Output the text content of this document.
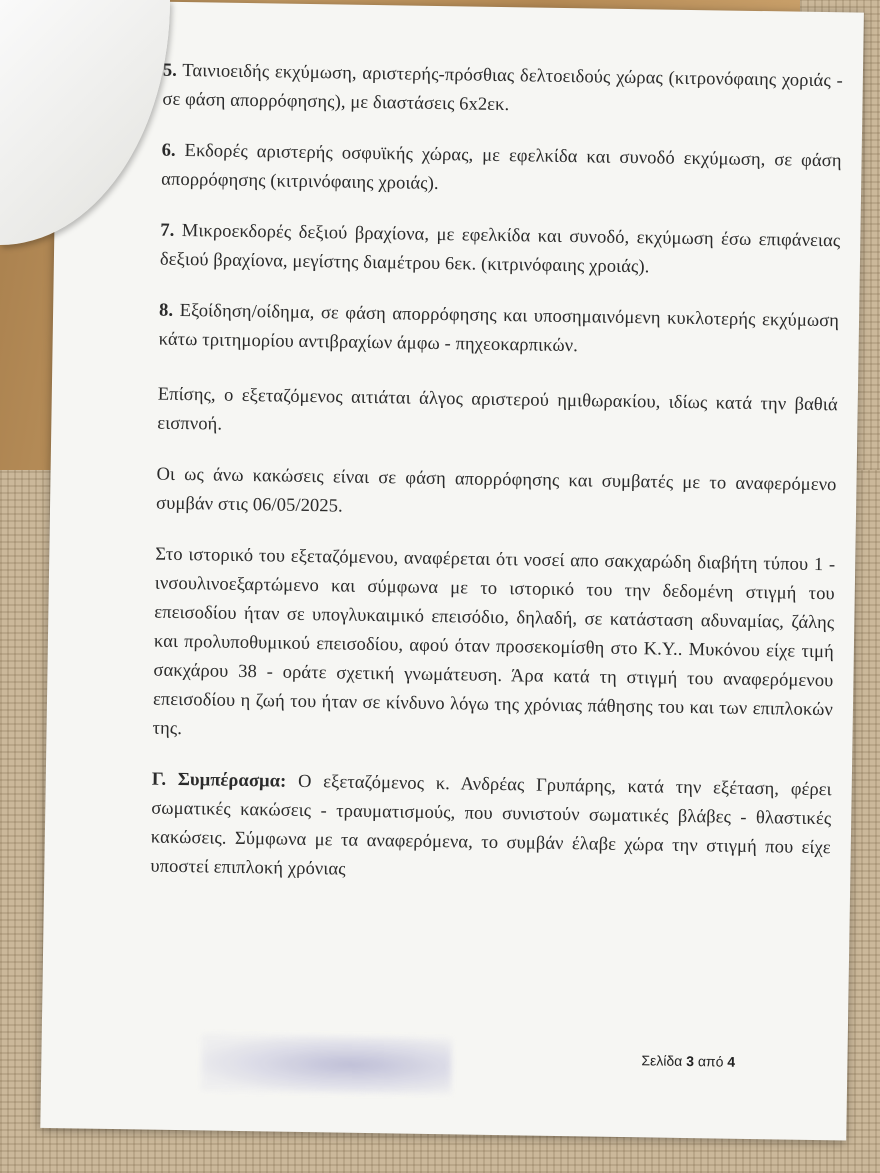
5. Ταινιοειδής εκχύμωση, αριστερής-πρόσθιας δελτοειδούς χώρας (κιτρονόφαιης χοριάς - σε φάση απορρόφησης), με διαστάσεις 6x2εκ.

6. Εκδορές αριστερής οσφυϊκής χώρας, με εφελκίδα και συνοδό εκχύμωση, σε φάση απορρόφησης (κιτρινόφαιης χροιάς).

7. Μικροεκδορές δεξιού βραχίονα, με εφελκίδα και συνοδό, εκχύμωση έσω επιφάνειας δεξιού βραχίονα, μεγίστης διαμέτρου 6εκ. (κιτρινόφαιης χροιάς).

8. Εξοίδηση/οίδημα, σε φάση απορρόφησης και υποσημαινόμενη κυκλοτερής εκχύμωση κάτω τριτημορίου αντιβραχίων άμφω - πηχεοκαρπικών.

Επίσης, ο εξεταζόμενος αιτιάται άλγος αριστερού ημιθωρακίου, ιδίως κατά την βαθιά εισπνοή.

Οι ως άνω κακώσεις είναι σε φάση απορρόφησης και συμβατές με το αναφερόμενο συμβάν στις 06/05/2025.

Στο ιστορικό του εξεταζόμενου, αναφέρεται ότι νοσεί απο σακχαρώδη διαβήτη τύπου 1 - ινσουλινοεξαρτώμενο και σύμφωνα με το ιστορικό του την δεδομένη στιγμή του επεισοδίου ήταν σε υπογλυκαιμικό επεισόδιο, δηλαδή, σε κατάσταση αδυναμίας, ζάλης και προλυποθυμικού επεισοδίου, αφού όταν προσεκομίσθη στο Κ.Υ.. Μυκόνου είχε τιμή σακχάρου 38 - οράτε σχετική γνωμάτευση. Άρα κατά τη στιγμή του αναφερόμενου επεισοδίου η ζωή του ήταν σε κίνδυνο λόγω της χρόνιας πάθησης του και των επιπλοκών της.

Γ. Συμπέρασμα: Ο εξεταζόμενος κ. Ανδρέας Γρυπάρης, κατά την εξέταση, φέρει σωματικές κακώσεις - τραυματισμούς, που συνιστούν σωματικές βλάβες - θλαστικές κακώσεις. Σύμφωνα με τα αναφερόμενα, το συμβάν έλαβε χώρα την στιγμή που είχε υποστεί επιπλοκή χρόνιας

Σελίδα 3 από 4
